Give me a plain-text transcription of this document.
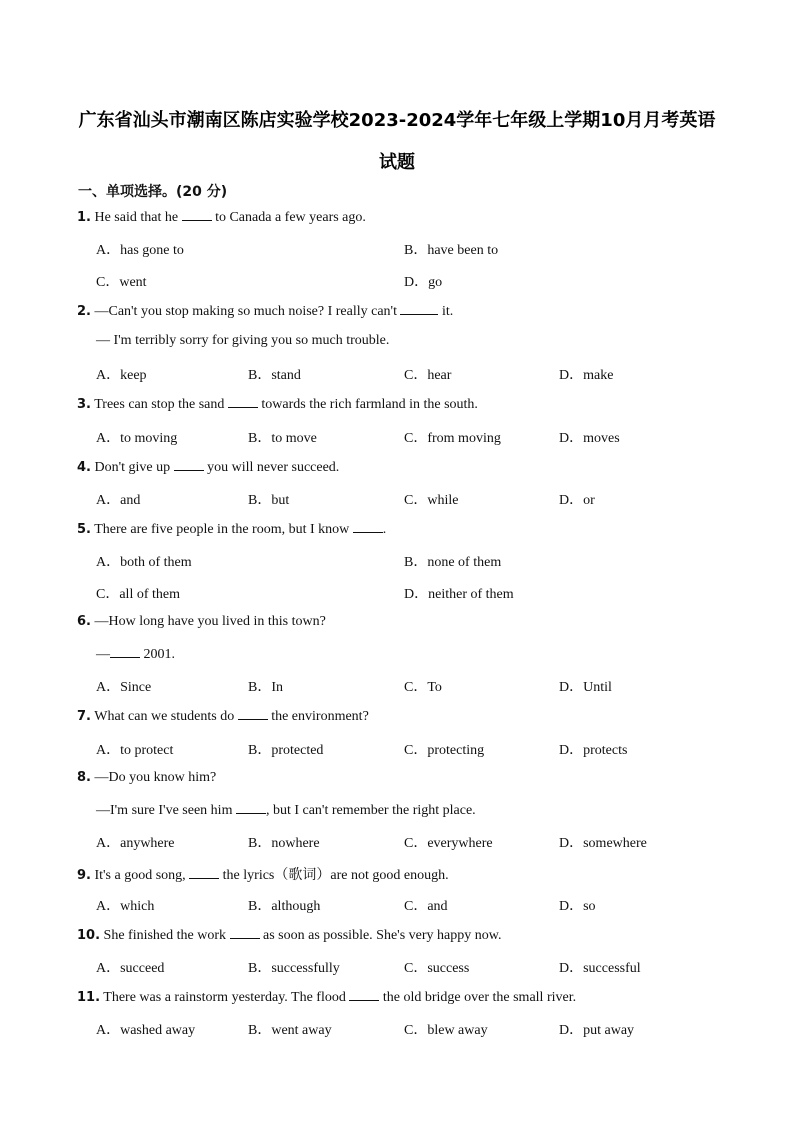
广东省汕头市潮南区陈店实验学校2023-2024学年七年级上学期10月月考英语
试题
一、单项选择。(20 分)
1. He said that he  to Canada a few years ago.
A．has gone to	B．have been to
C．went	D．go
2. —Can't you stop making so much noise? I really can't	it.
— I'm terribly sorry for giving you so much trouble.
A．keep	B．stand	C．hear	D．make
3. Trees can stop the sand  towards the rich farmland in the south.
A．to moving	B．to move	C．from moving	D．moves
4. Don't give up  you will never succeed.
A．and	B．but	C．while	D．or
5. There are five people in the room, but I know .
A．both of them	B．none of them
C．all of them	D．neither of them
6. —How long have you lived in this town?
— 2001.
A．Since	B．In	C．To	D．Until
7. What can we students do  the environment?
A．to protect	B．protected	C．protecting	D．protects
8. —Do you know him?
—I'm sure I've seen him , but I can't remember the right place.
A．anywhere	B．nowhere	C．everywhere	D．somewhere
9. It's a good song,  the lyrics（歌词）are not good enough.
A．which	B．although	C．and	D．so
10. She finished the work  as soon as possible. She's very happy now.
A．succeed	B．successfully	C．success	D．successful
11. There was a rainstorm yesterday. The flood  the old bridge over the small river.
A．washed away	B．went away	C．blew away	D．put away
